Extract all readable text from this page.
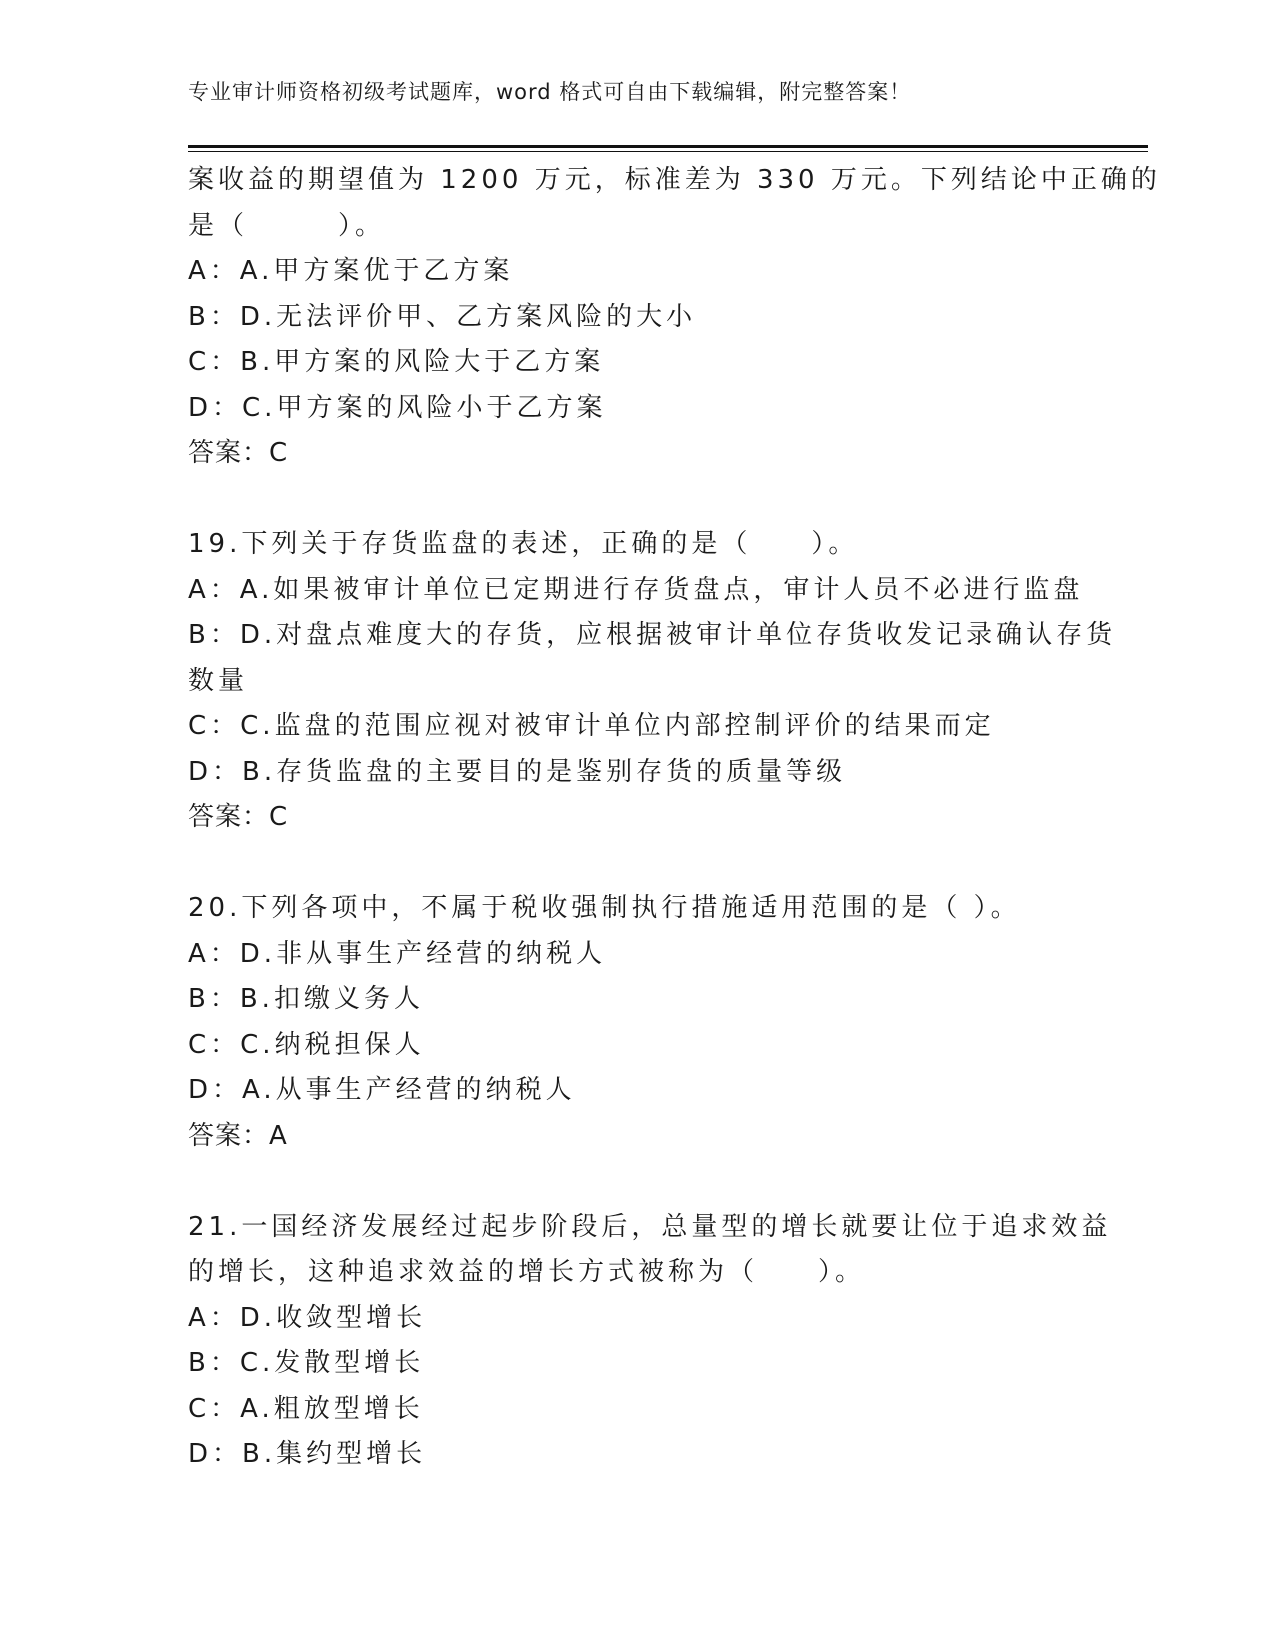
专业审计师资格初级考试题库，word 格式可自由下载编辑，附完整答案！
案收益的期望值为 1200 万元，标准差为 330 万元。下列结论中正确的
是（　　　）。
A：A.甲方案优于乙方案
B：D.无法评价甲、乙方案风险的大小
C：B.甲方案的风险大于乙方案
D：C.甲方案的风险小于乙方案
答案：C
19.下列关于存货监盘的表述，正确的是（　　）。
A：A.如果被审计单位已定期进行存货盘点，审计人员不必进行监盘
B：D.对盘点难度大的存货，应根据被审计单位存货收发记录确认存货
数量
C：C.监盘的范围应视对被审计单位内部控制评价的结果而定
D：B.存货监盘的主要目的是鉴别存货的质量等级
答案：C
20.下列各项中，不属于税收强制执行措施适用范围的是（ ）。
A：D.非从事生产经营的纳税人
B：B.扣缴义务人
C：C.纳税担保人
D：A.从事生产经营的纳税人
答案：A
21.一国经济发展经过起步阶段后，总量型的增长就要让位于追求效益
的增长，这种追求效益的增长方式被称为（　　）。
A：D.收敛型增长
B：C.发散型增长
C：A.粗放型增长
D：B.集约型增长
